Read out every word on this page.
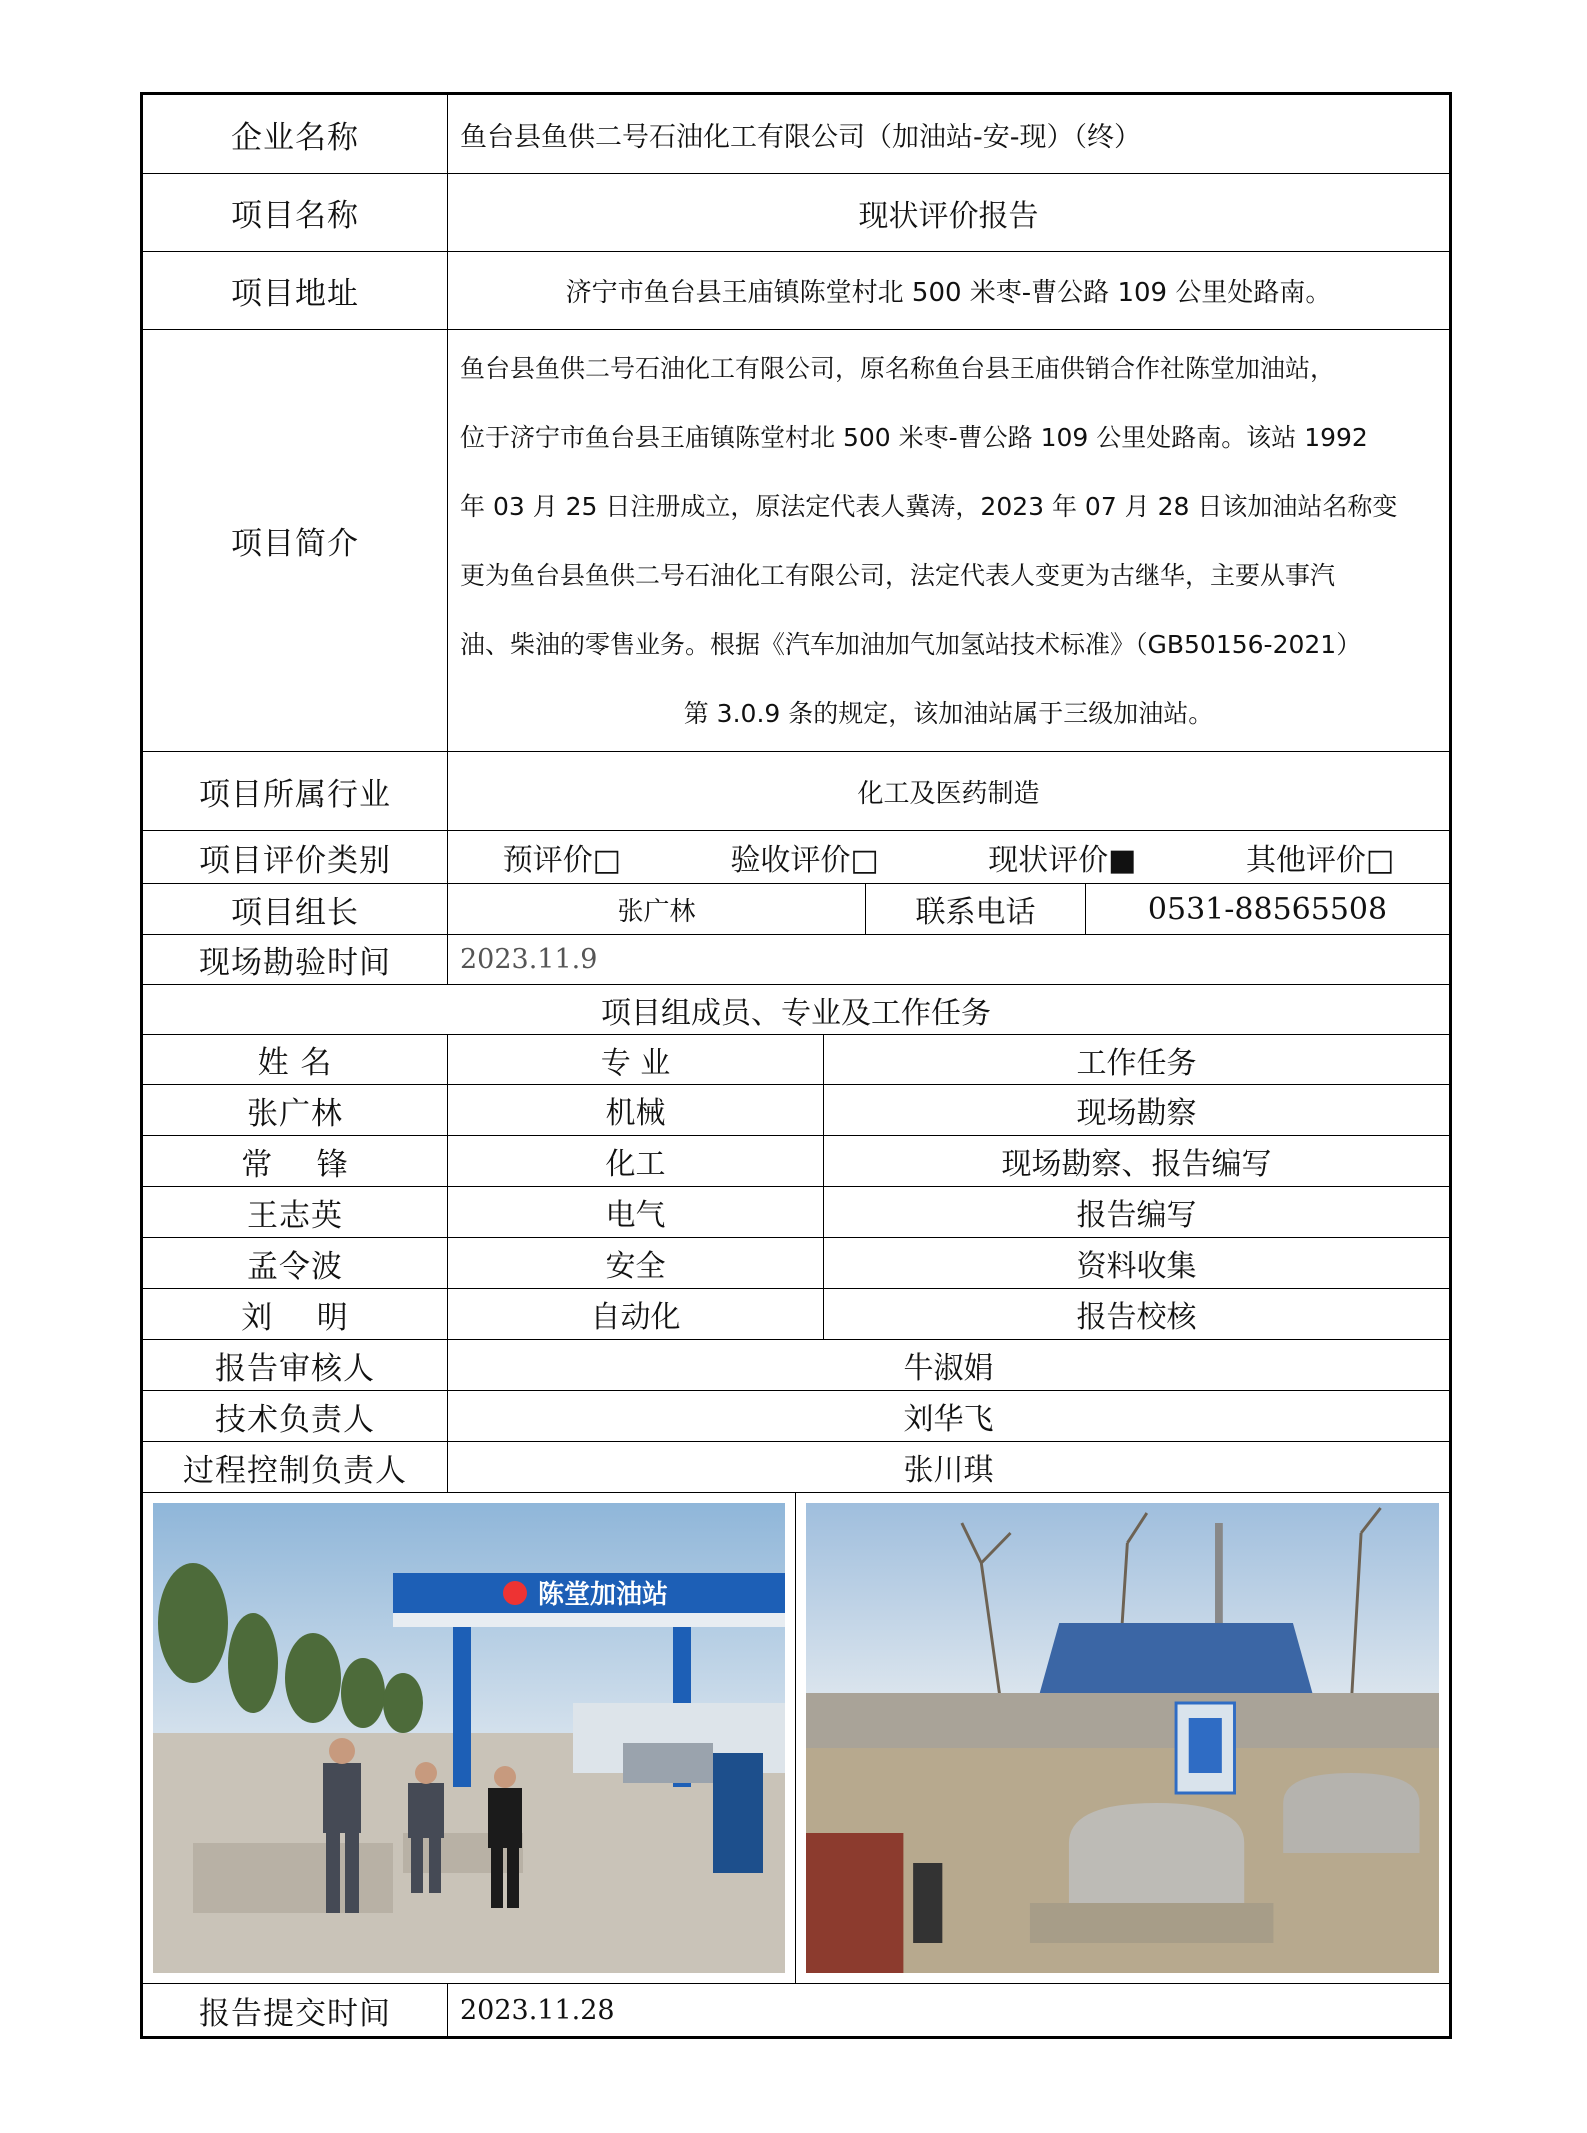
企业名称	鱼台县鱼供二号石油化工有限公司（加油站-安-现）（终）
项目名称	现状评价报告
项目地址	济宁市鱼台县王庙镇陈堂村北 500 米枣-曹公路 109 公里处路南。
项目简介
鱼台县鱼供二号石油化工有限公司，原名称鱼台县王庙供销合作社陈堂加油站，
位于济宁市鱼台县王庙镇陈堂村北 500 米枣-曹公路 109 公里处路南。该站 1992
年 03 月 25 日注册成立，原法定代表人冀涛，2023 年 07 月 28 日该加油站名称变
更为鱼台县鱼供二号石油化工有限公司，法定代表人变更为古继华，主要从事汽
油、柴油的零售业务。根据《汽车加油加气加氢站技术标准》（GB50156-2021）
第 3.0.9 条的规定，该加油站属于三级加油站。
项目所属行业	化工及医药制造
项目评价类别	预评价□	验收评价□	现状评价■	其他评价□
项目组长	张广林	联系电话	0531-88565508
现场勘验时间	2023.11.9
项目组成员、专业及工作任务
姓 名	专 业	工作任务
张广林	机械	现场勘察
常    锋	化工	现场勘察、报告编写
王志英	电气	报告编写
孟令波	安全	资料收集
刘    明	自动化	报告校核
报告审核人	牛淑娟
技术负责人	刘华飞
过程控制负责人	张川琪
陈堂加油站
报告提交时间	2023.11.28
